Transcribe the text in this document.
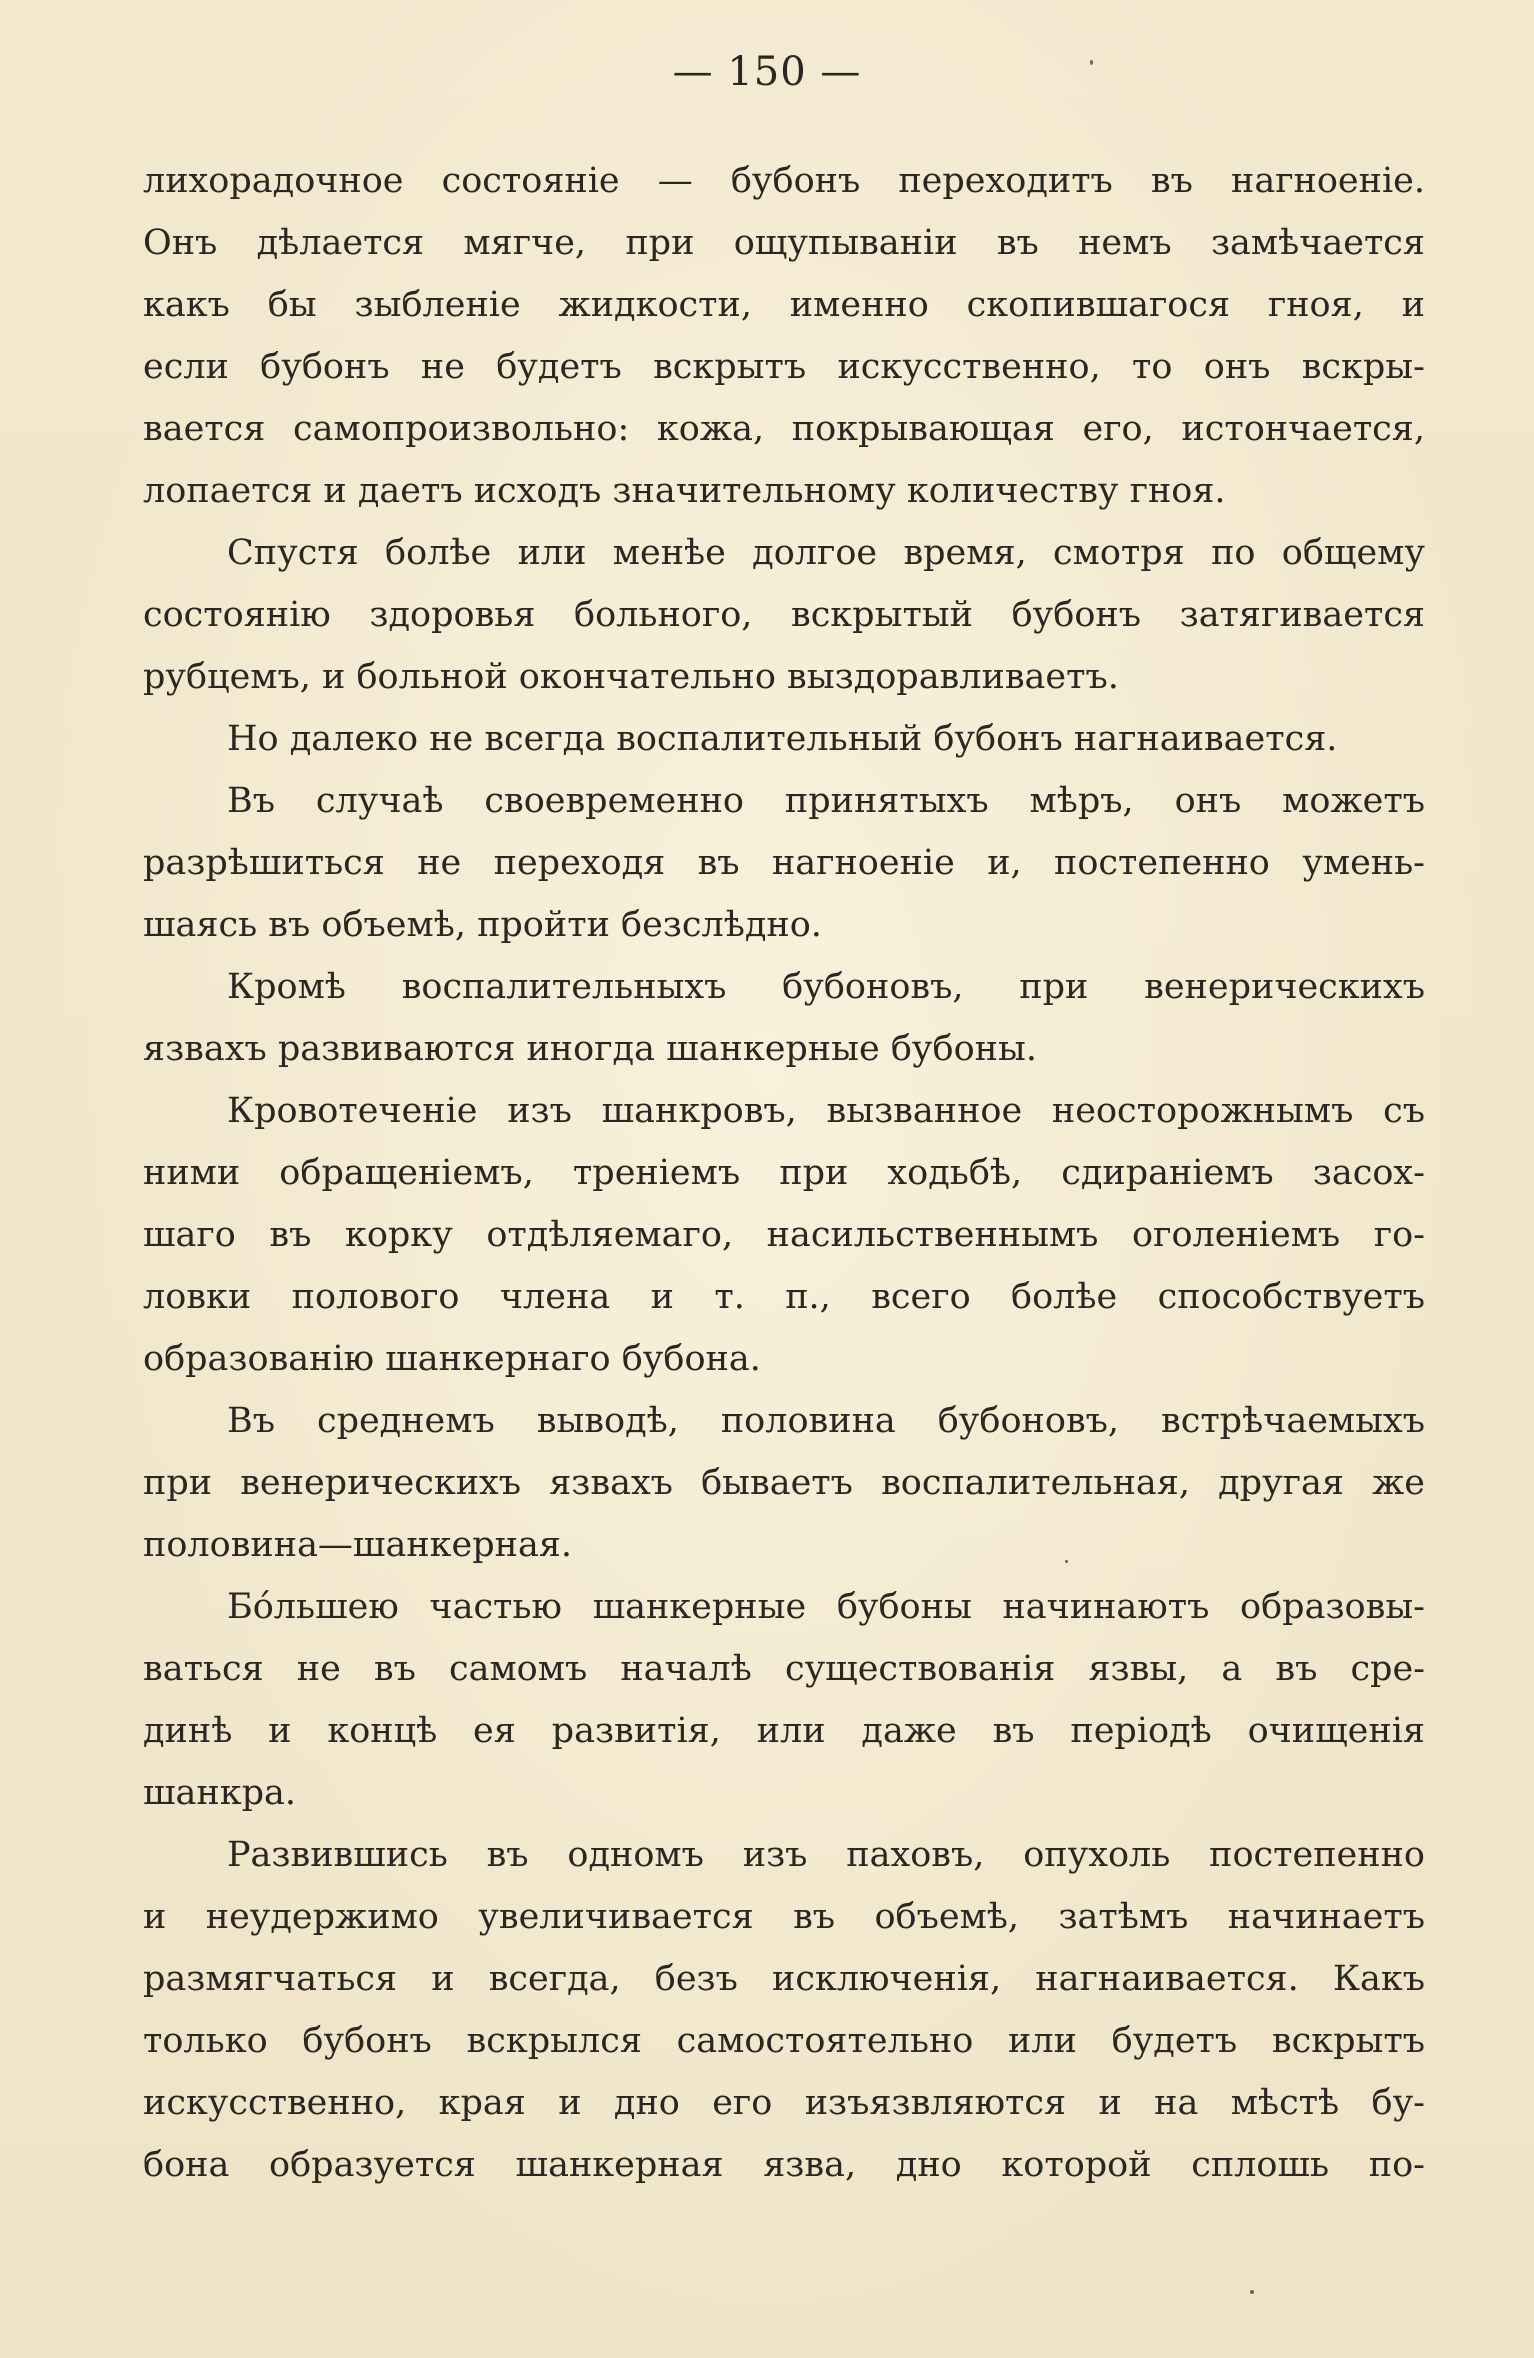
— 150 —
лихорадочное состоянiе — бубонъ переходитъ въ нагноенiе.
Онъ дѣлается мягче, при ощупыванiи въ немъ замѣчается
какъ бы зыбленiе жидкости, именно скопившагося гноя, и
если бубонъ не будетъ вскрытъ искусственно, то онъ вскры-
вается самопроизвольно: кожа, покрывающая его, истончается,
лопается и даетъ исходъ значительному количеству гноя.
Спустя болѣе или менѣе долгое время, смотря по общему
состоянiю здоровья больного, вскрытый бубонъ затягивается
рубцемъ, и больной окончательно выздоравливаетъ.
Но далеко не всегда воспалительный бубонъ нагнаивается.
Въ случаѣ своевременно принятыхъ мѣръ, онъ можетъ
разрѣшиться не переходя въ нагноенiе и, постепенно умень-
шаясь въ объемѣ, пройти безслѣдно.
Кромѣ воспалительныхъ бубоновъ, при венерическихъ
язвахъ развиваются иногда шанкерные бубоны.
Кровотеченiе изъ шанкровъ, вызванное неосторожнымъ съ
ними обращенiемъ, тренiемъ при ходьбѣ, сдиранiемъ засох-
шаго въ корку отдѣляемаго, насильственнымъ оголенiемъ го-
ловки полового члена и т. п., всего болѣе способствуетъ
образованiю шанкернаго бубона.
Въ среднемъ выводѣ, половина бубоновъ, встрѣчаемыхъ
при венерическихъ язвахъ бываетъ воспалительная, другая же
половина—шанкерная.
Бóльшею частью шанкерные бубоны начинаютъ образовы-
ваться не въ самомъ началѣ существованiя язвы, а въ сре-
динѣ и концѣ ея развитiя, или даже въ перiодѣ очищенiя
шанкра.
Развившись въ одномъ изъ паховъ, опухоль постепенно
и неудержимо увеличивается въ объемѣ, затѣмъ начинаетъ
размягчаться и всегда, безъ исключенiя, нагнаивается. Какъ
только бубонъ вскрылся самостоятельно или будетъ вскрытъ
искусственно, края и дно его изъязвляются и на мѣстѣ бу-
бона образуется шанкерная язва, дно которой сплошь по-
